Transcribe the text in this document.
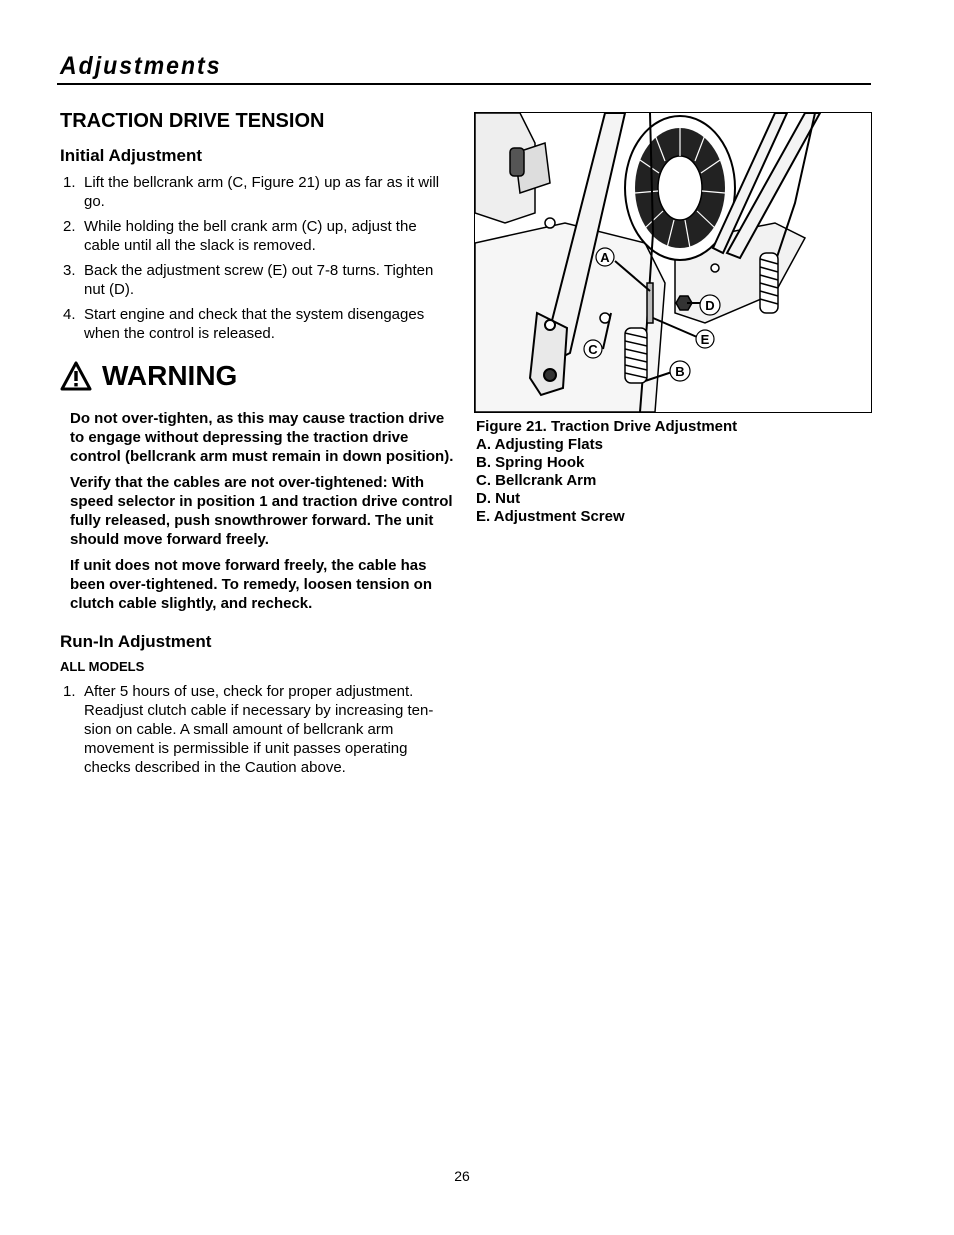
Adjustments
TRACTION DRIVE TENSION
Initial Adjustment
1. Lift the bellcrank arm (C, Figure 21) up as far as it will go.
2. While holding the bell crank arm (C) up, adjust the cable until all the slack is removed.
3. Back the adjustment screw (E) out 7-8 turns. Tighten nut (D).
4. Start engine and check that the system disengages when the control is released.
WARNING

Do not over-tighten, as this may cause traction drive to engage without depressing the traction drive control (bellcrank arm must remain in down position).

Verify that the cables are not over-tightened: With speed selector in position 1 and traction drive control fully released, push snowthrower forward. The unit should move forward freely.

If unit does not move forward freely, the cable has been over-tightened. To remedy, loosen tension on clutch cable slightly, and recheck.

Run-In Adjustment
ALL MODELS
1. After 5 hours of use, check for proper adjustment. Readjust clutch cable if necessary by increasing ten-sion on cable. A small amount of bellcrank arm movement is permissible if unit passes operating checks described in the Caution above.
A
D
E
B
C
Figure 21. Traction Drive Adjustment
A. Adjusting Flats
B. Spring Hook
C. Bellcrank Arm
D. Nut
E. Adjustment Screw
26
